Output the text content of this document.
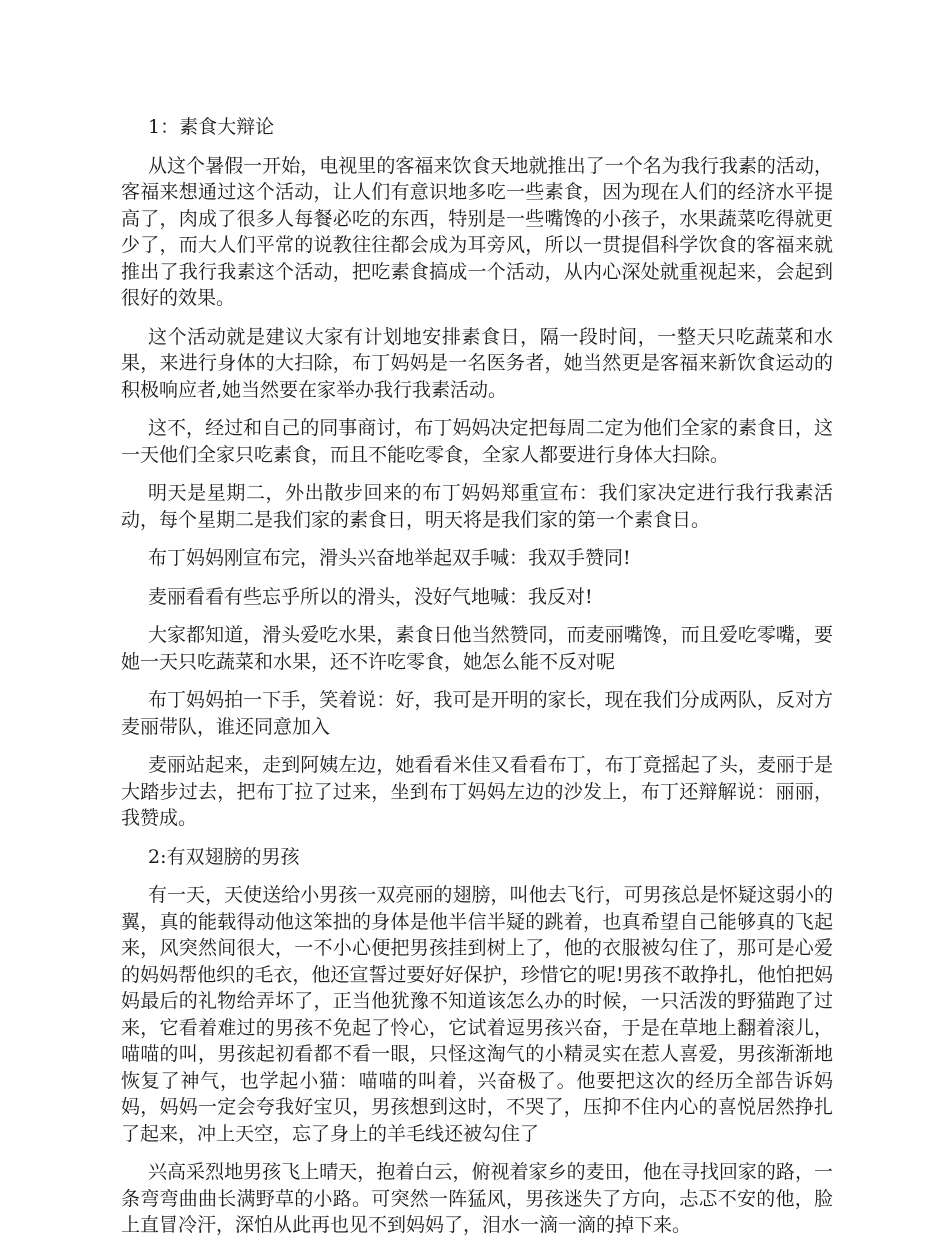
1：素食大辩论

从这个暑假一开始，电视里的客福来饮食天地就推出了一个名为我行我素的活动，客福来想通过这个活动，让人们有意识地多吃一些素食，因为现在人们的经济水平提高了，肉成了很多人每餐必吃的东西，特别是一些嘴馋的小孩子，水果蔬菜吃得就更少了，而大人们平常的说教往往都会成为耳旁风，所以一贯提倡科学饮食的客福来就推出了我行我素这个活动，把吃素食搞成一个活动，从内心深处就重视起来，会起到很好的效果。

这个活动就是建议大家有计划地安排素食日，隔一段时间，一整天只吃蔬菜和水果，来进行身体的大扫除，布丁妈妈是一名医务者，她当然更是客福来新饮食运动的积极响应者,她当然要在家举办我行我素活动。

这不，经过和自己的同事商讨，布丁妈妈决定把每周二定为他们全家的素食日，这一天他们全家只吃素食，而且不能吃零食，全家人都要进行身体大扫除。

明天是星期二，外出散步回来的布丁妈妈郑重宣布：我们家决定进行我行我素活动，每个星期二是我们家的素食日，明天将是我们家的第一个素食日。

布丁妈妈刚宣布完，滑头兴奋地举起双手喊：我双手赞同!

麦丽看看有些忘乎所以的滑头，没好气地喊：我反对!

大家都知道，滑头爱吃水果，素食日他当然赞同，而麦丽嘴馋，而且爱吃零嘴，要她一天只吃蔬菜和水果，还不许吃零食，她怎么能不反对呢

布丁妈妈拍一下手，笑着说：好，我可是开明的家长，现在我们分成两队，反对方麦丽带队，谁还同意加入

麦丽站起来，走到阿姨左边，她看看米佳又看看布丁，布丁竟摇起了头，麦丽于是大踏步过去，把布丁拉了过来，坐到布丁妈妈左边的沙发上，布丁还辩解说：丽丽，我赞成。

2:有双翅膀的男孩

有一天，天使送给小男孩一双亮丽的翅膀，叫他去飞行，可男孩总是怀疑这弱小的翼，真的能载得动他这笨拙的身体是他半信半疑的跳着，也真希望自己能够真的飞起来，风突然间很大，一不小心便把男孩挂到树上了，他的衣服被勾住了，那可是心爱的妈妈帮他织的毛衣，他还宣誓过要好好保护，珍惜它的呢!男孩不敢挣扎，他怕把妈妈最后的礼物给弄坏了，正当他犹豫不知道该怎么办的时候，一只活泼的野猫跑了过来，它看着难过的男孩不免起了怜心，它试着逗男孩兴奋，于是在草地上翻着滚儿，喵喵的叫，男孩起初看都不看一眼，只怪这淘气的小精灵实在惹人喜爱，男孩渐渐地恢复了神气，也学起小猫：喵喵的叫着，兴奋极了。他要把这次的经历全部告诉妈妈，妈妈一定会夸我好宝贝，男孩想到这时，不哭了，压抑不住内心的喜悦居然挣扎了起来，冲上天空，忘了身上的羊毛线还被勾住了

兴高采烈地男孩飞上晴天，抱着白云，俯视着家乡的麦田，他在寻找回家的路，一条弯弯曲曲长满野草的小路。可突然一阵猛风，男孩迷失了方向，忐忑不安的他，脸上直冒冷汗，深怕从此再也见不到妈妈了，泪水一滴一滴的掉下来。
